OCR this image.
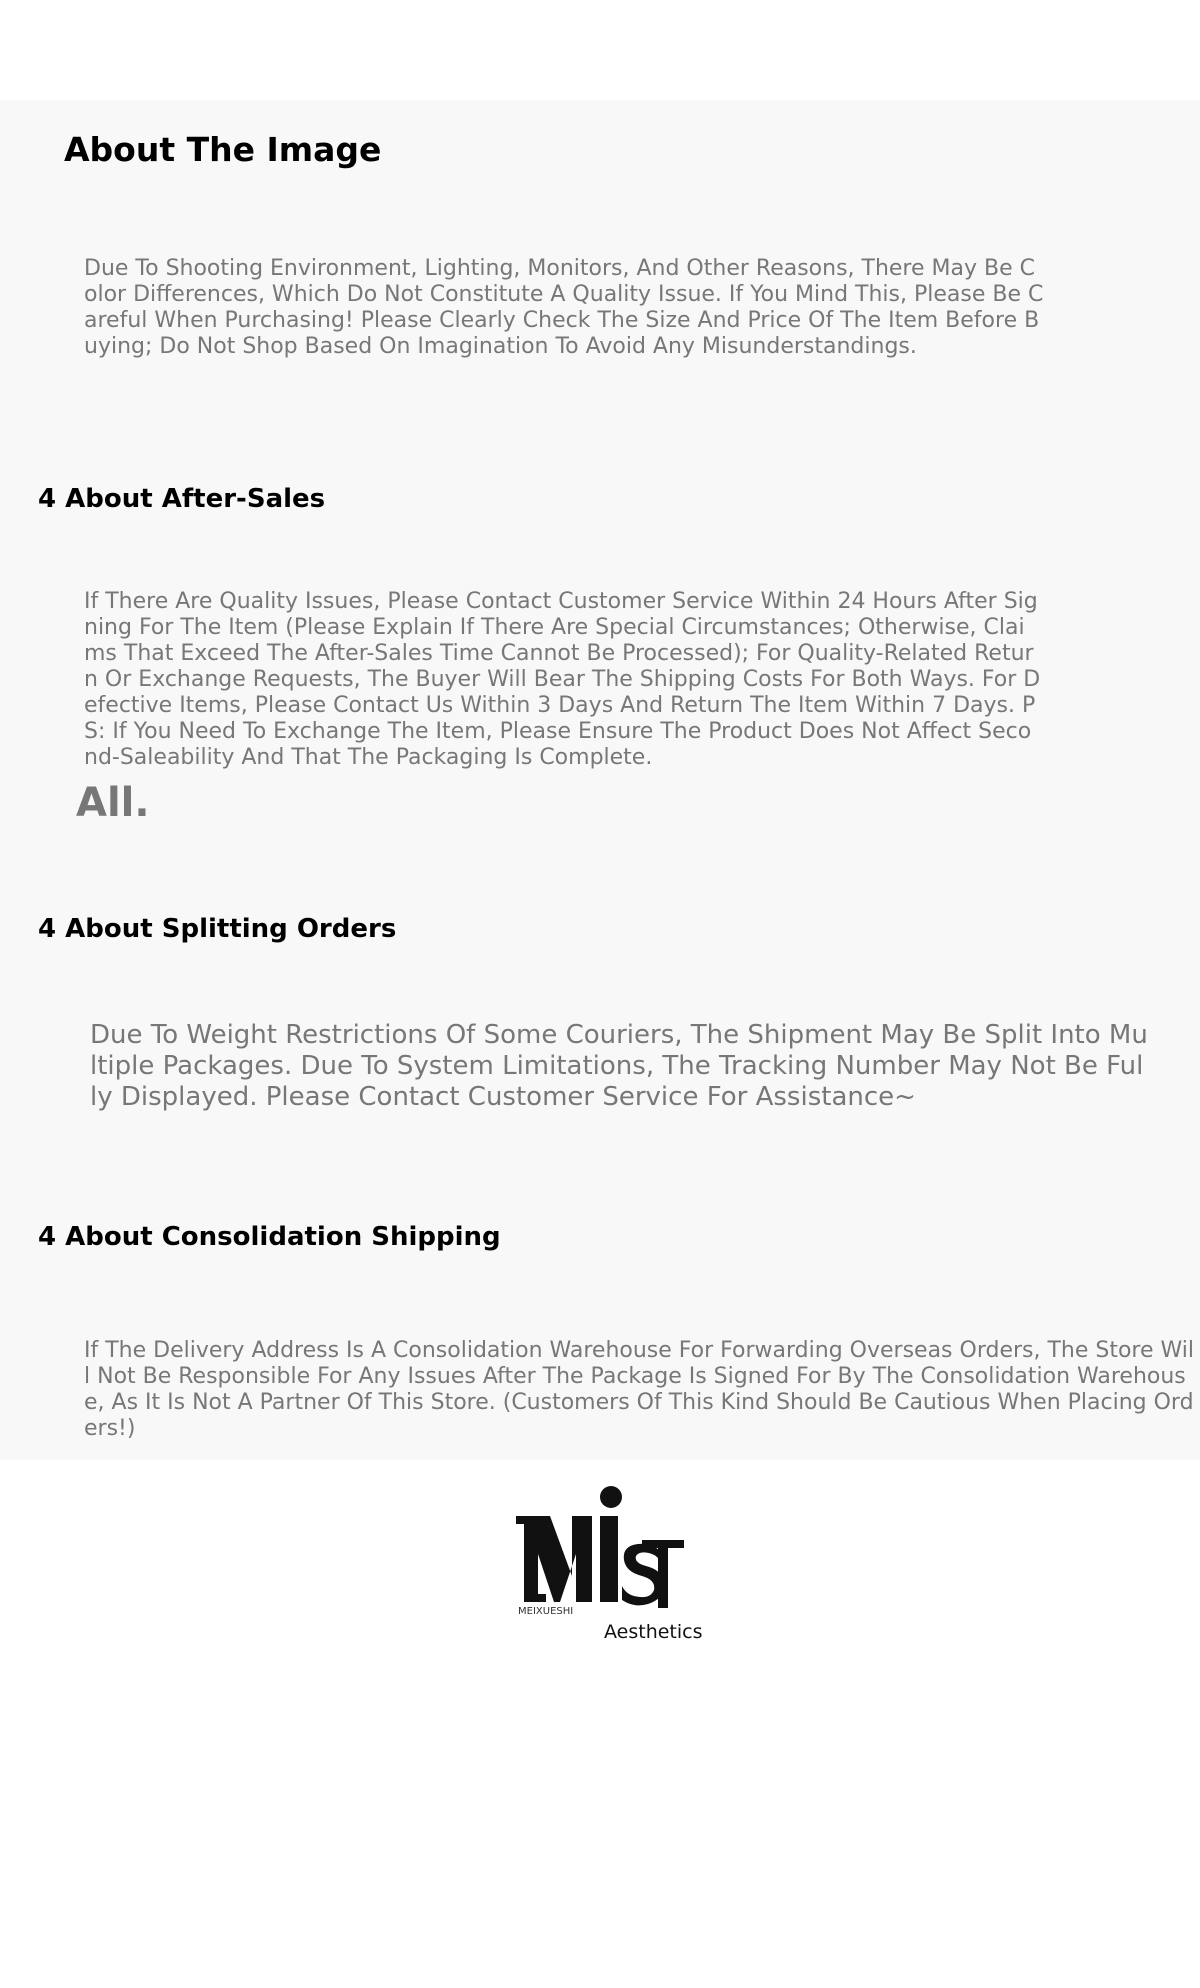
About The Image

Due To Shooting Environment, Lighting, Monitors, And Other Reasons, There May Be Color Differences, Which Do Not Constitute A Quality Issue. If You Mind This, Please Be Careful When Purchasing! Please Clearly Check The Size And Price Of The Item Before Buying; Do Not Shop Based On Imagination To Avoid Any Misunderstandings.

4 About After-Sales

If There Are Quality Issues, Please Contact Customer Service Within 24 Hours After Signing For The Item (Please Explain If There Are Special Circumstances; Otherwise, Claims That Exceed The After-Sales Time Cannot Be Processed); For Quality-Related Return Or Exchange Requests, The Buyer Will Bear The Shipping Costs For Both Ways. For Defective Items, Please Contact Us Within 3 Days And Return The Item Within 7 Days. PS: If You Need To Exchange The Item, Please Ensure The Product Does Not Affect Second-Saleability And That The Packaging Is Complete.

All.

4 About Splitting Orders

Due To Weight Restrictions Of Some Couriers, The Shipment May Be Split Into Multiple Packages. Due To System Limitations, The Tracking Number May Not Be Fully Displayed. Please Contact Customer Service For Assistance~

4 About Consolidation Shipping

If The Delivery Address Is A Consolidation Warehouse For Forwarding Overseas Orders, The Store Will Not Be Responsible For Any Issues After The Package Is Signed For By The Consolidation Warehouse, As It Is Not A Partner Of This Store. (Customers Of This Kind Should Be Cautious When Placing Orders!)

MEIXUESHI

Aesthetics
